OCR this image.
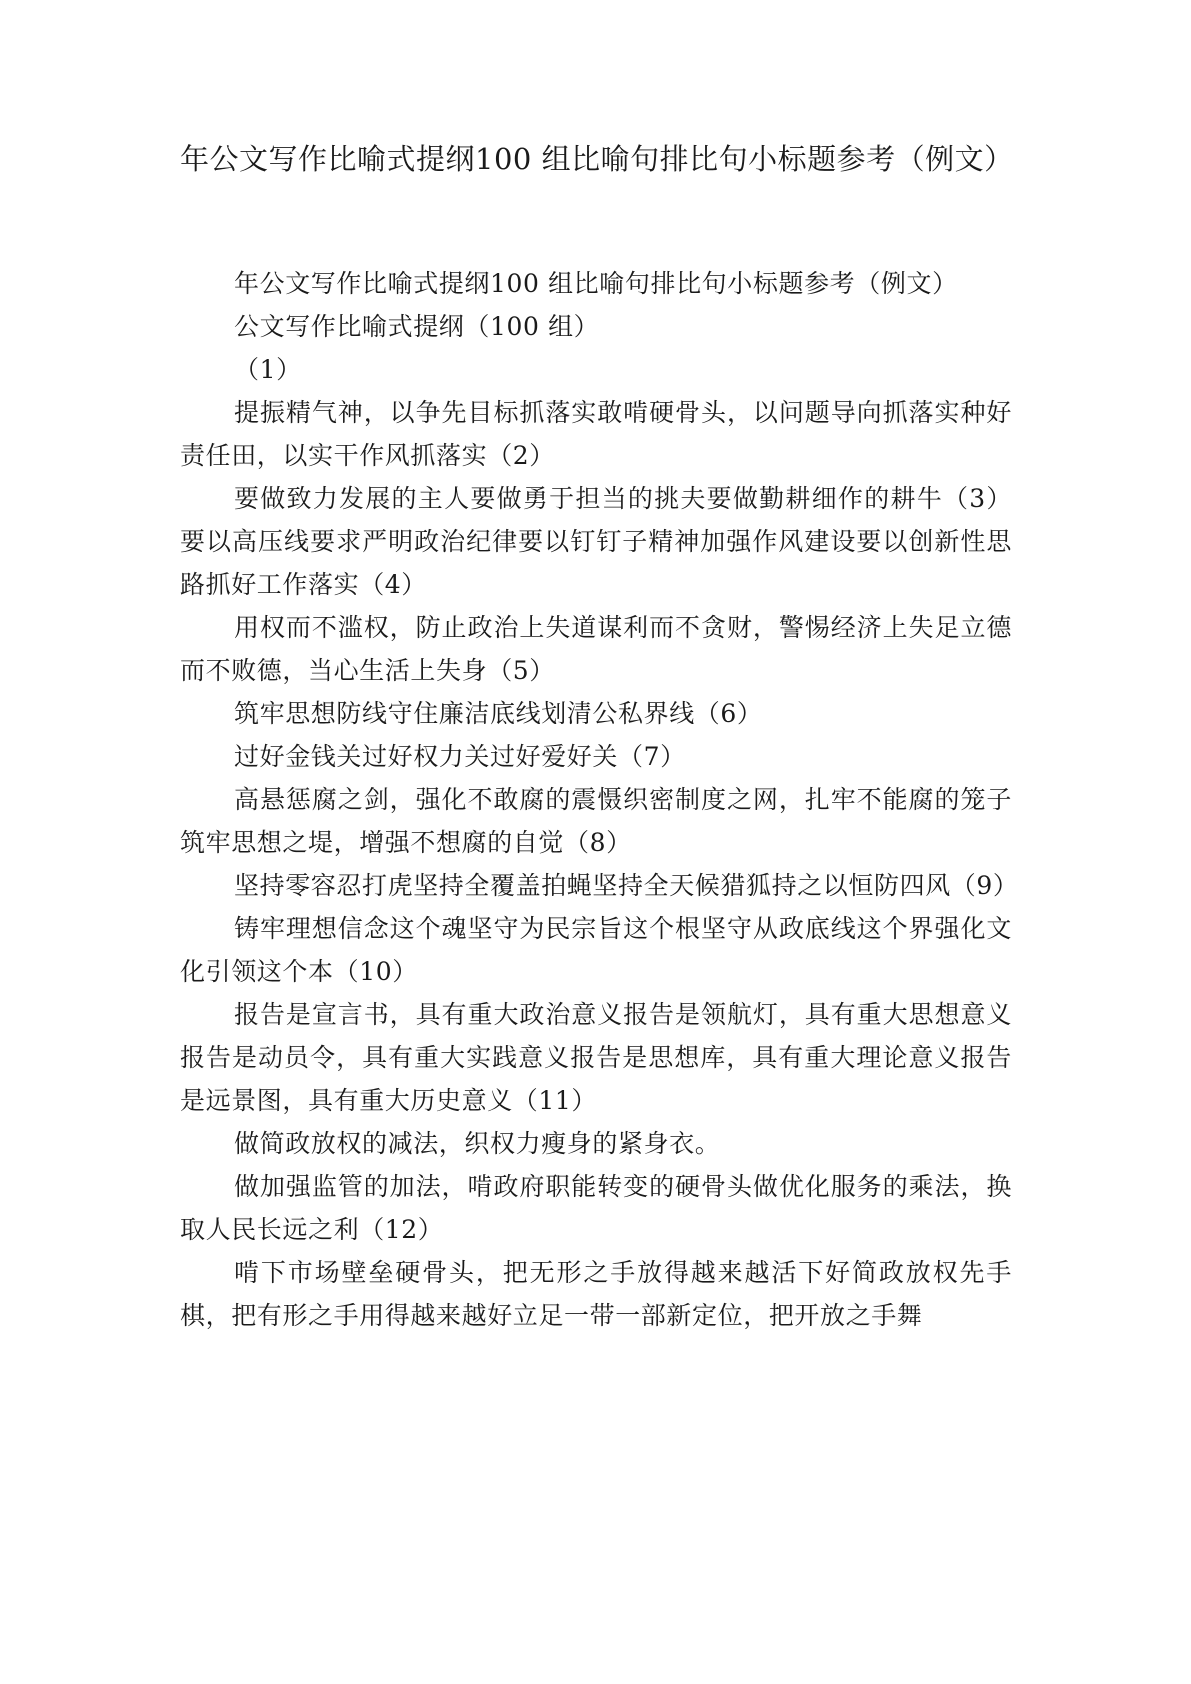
年公文写作比喻式提纲100 组比喻句排比句小标题参考（例文）

年公文写作比喻式提纲100 组比喻句排比句小标题参考（例文）

公文写作比喻式提纲（100 组）

（1）

提振精气神，以争先目标抓落实敢啃硬骨头，以问题导向抓落实种好责任田，以实干作风抓落实（2）

要做致力发展的主人要做勇于担当的挑夫要做勤耕细作的耕牛（3）要以高压线要求严明政治纪律要以钉钉子精神加强作风建设要以创新性思路抓好工作落实（4）

用权而不滥权，防止政治上失道谋利而不贪财，警惕经济上失足立德而不败德，当心生活上失身（5）

筑牢思想防线守住廉洁底线划清公私界线（6）

过好金钱关过好权力关过好爱好关（7）

高悬惩腐之剑，强化不敢腐的震慑织密制度之网，扎牢不能腐的笼子筑牢思想之堤，增强不想腐的自觉（8）

坚持零容忍打虎坚持全覆盖拍蝇坚持全天候猎狐持之以恒防四风（9）

铸牢理想信念这个魂坚守为民宗旨这个根坚守从政底线这个界强化文化引领这个本（10）

报告是宣言书，具有重大政治意义报告是领航灯，具有重大思想意义报告是动员令，具有重大实践意义报告是思想库，具有重大理论意义报告是远景图，具有重大历史意义（11）

做简政放权的减法，织权力瘦身的紧身衣。

做加强监管的加法，啃政府职能转变的硬骨头做优化服务的乘法，换取人民长远之利（12）

啃下市场壁垒硬骨头，把无形之手放得越来越活下好简政放权先手棋，把有形之手用得越来越好立足一带一部新定位，把开放之手舞
